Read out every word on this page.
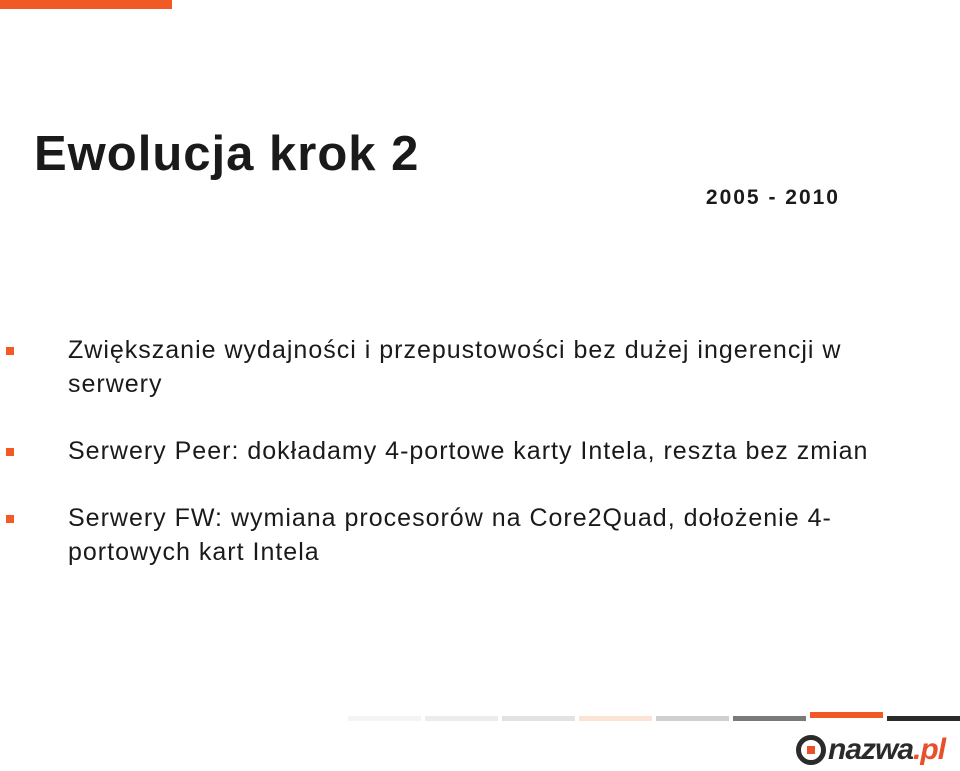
Ewolucja krok 2
2005 - 2010
Zwiększanie wydajności i przepustowości bez dużej ingerencji w serwery
Serwery Peer: dokładamy 4-portowe karty Intela, reszta bez zmian
Serwery FW: wymiana procesorów na Core2Quad, dołożenie 4-portowych kart Intela
nazwa.pl
